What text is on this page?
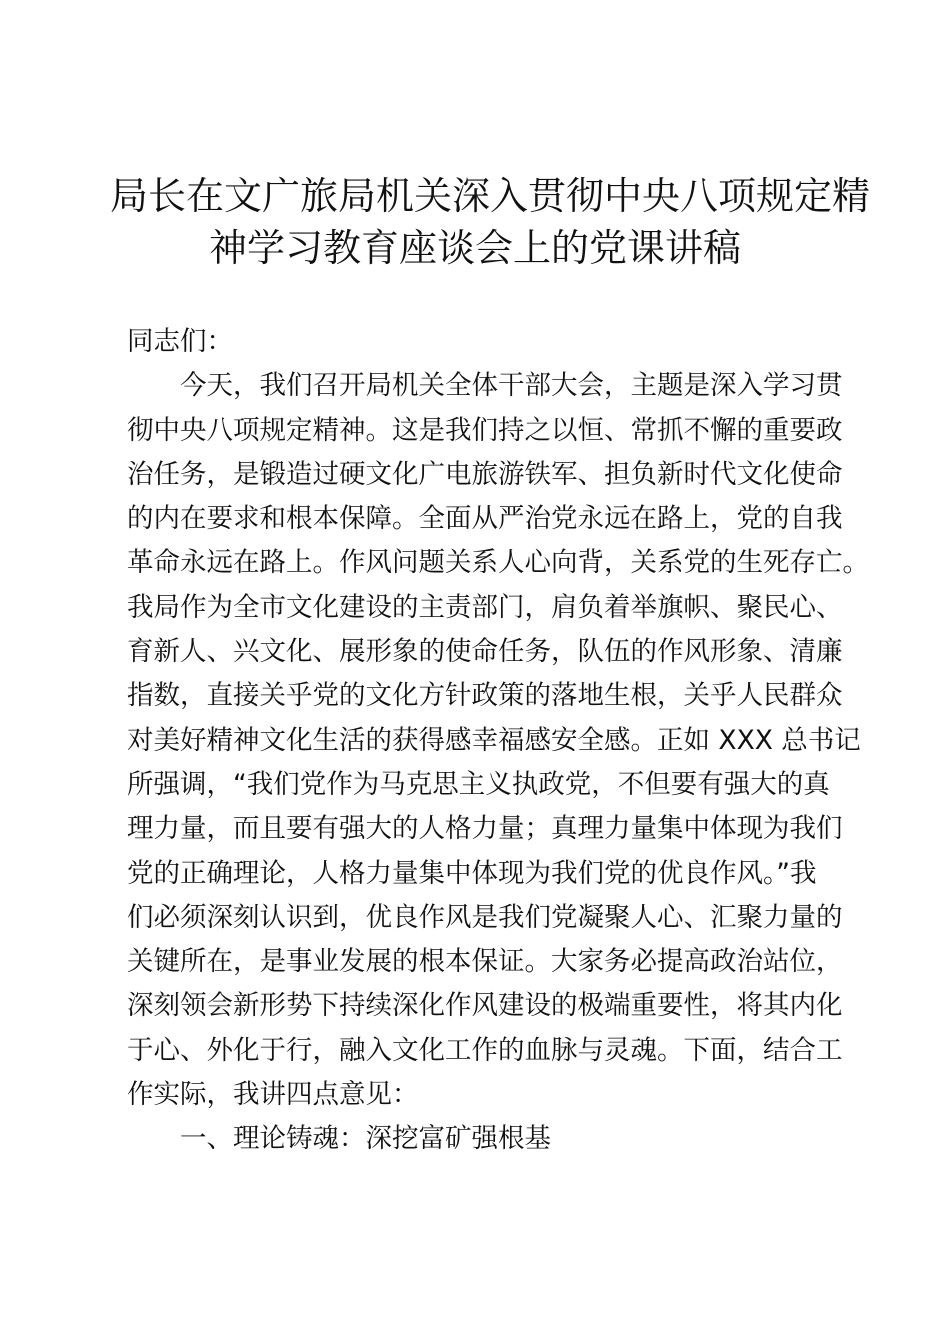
局长在文广旅局机关深入贯彻中央八项规定精
神学习教育座谈会上的党课讲稿
同志们：
今天，我们召开局机关全体干部大会，主题是深入学习贯
彻中央八项规定精神。这是我们持之以恒、常抓不懈的重要政
治任务，是锻造过硬文化广电旅游铁军、担负新时代文化使命
的内在要求和根本保障。全面从严治党永远在路上，党的自我
革命永远在路上。作风问题关系人心向背，关系党的生死存亡。
我局作为全市文化建设的主责部门，肩负着举旗帜、聚民心、
育新人、兴文化、展形象的使命任务，队伍的作风形象、清廉
指数，直接关乎党的文化方针政策的落地生根，关乎人民群众
对美好精神文化生活的获得感幸福感安全感。正如 XXX 总书记
所强调，“我们党作为马克思主义执政党，不但要有强大的真
理力量，而且要有强大的人格力量；真理力量集中体现为我们
党的正确理论，人格力量集中体现为我们党的优良作风。”我
们必须深刻认识到，优良作风是我们党凝聚人心、汇聚力量的
关键所在，是事业发展的根本保证。大家务必提高政治站位，
深刻领会新形势下持续深化作风建设的极端重要性，将其内化
于心、外化于行，融入文化工作的血脉与灵魂。下面，结合工
作实际，我讲四点意见：
一、理论铸魂：深挖富矿强根基
